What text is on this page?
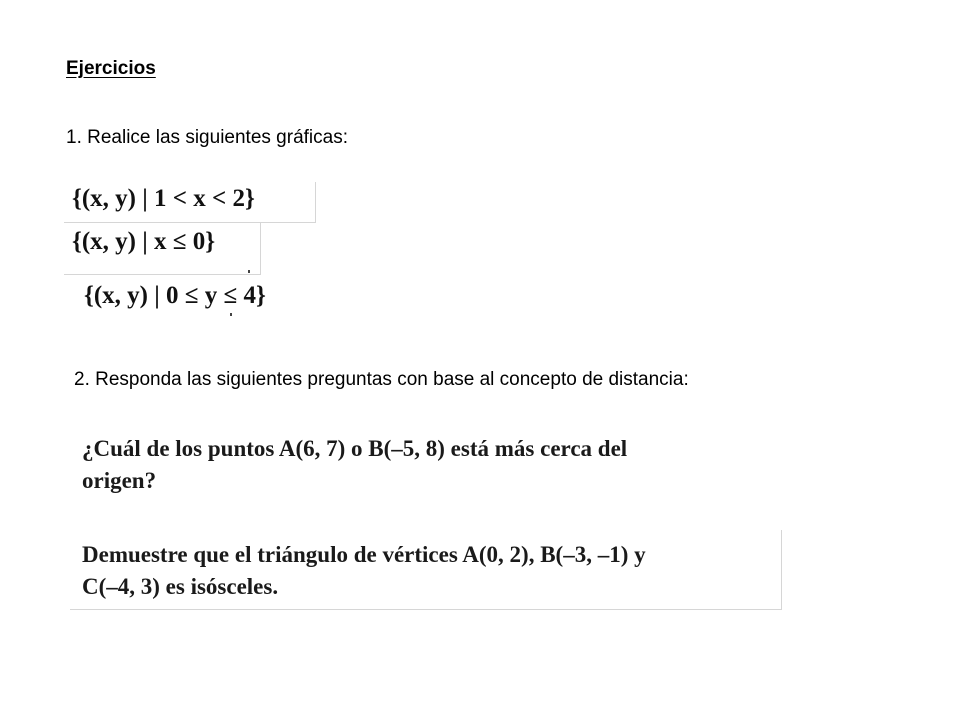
Ejercicios
1. Realice las siguientes gráficas:
{(x, y) | 1 < x < 2}
{(x, y) | x ≤ 0}
{(x, y) | 0 ≤ y ≤ 4}
2. Responda las siguientes preguntas con base al concepto de distancia:
¿Cuál de los puntos A(6, 7) o B(–5, 8) está más cerca del
origen?
Demuestre que el triángulo de vértices A(0, 2), B(–3, –1) y
C(–4, 3) es isósceles.
